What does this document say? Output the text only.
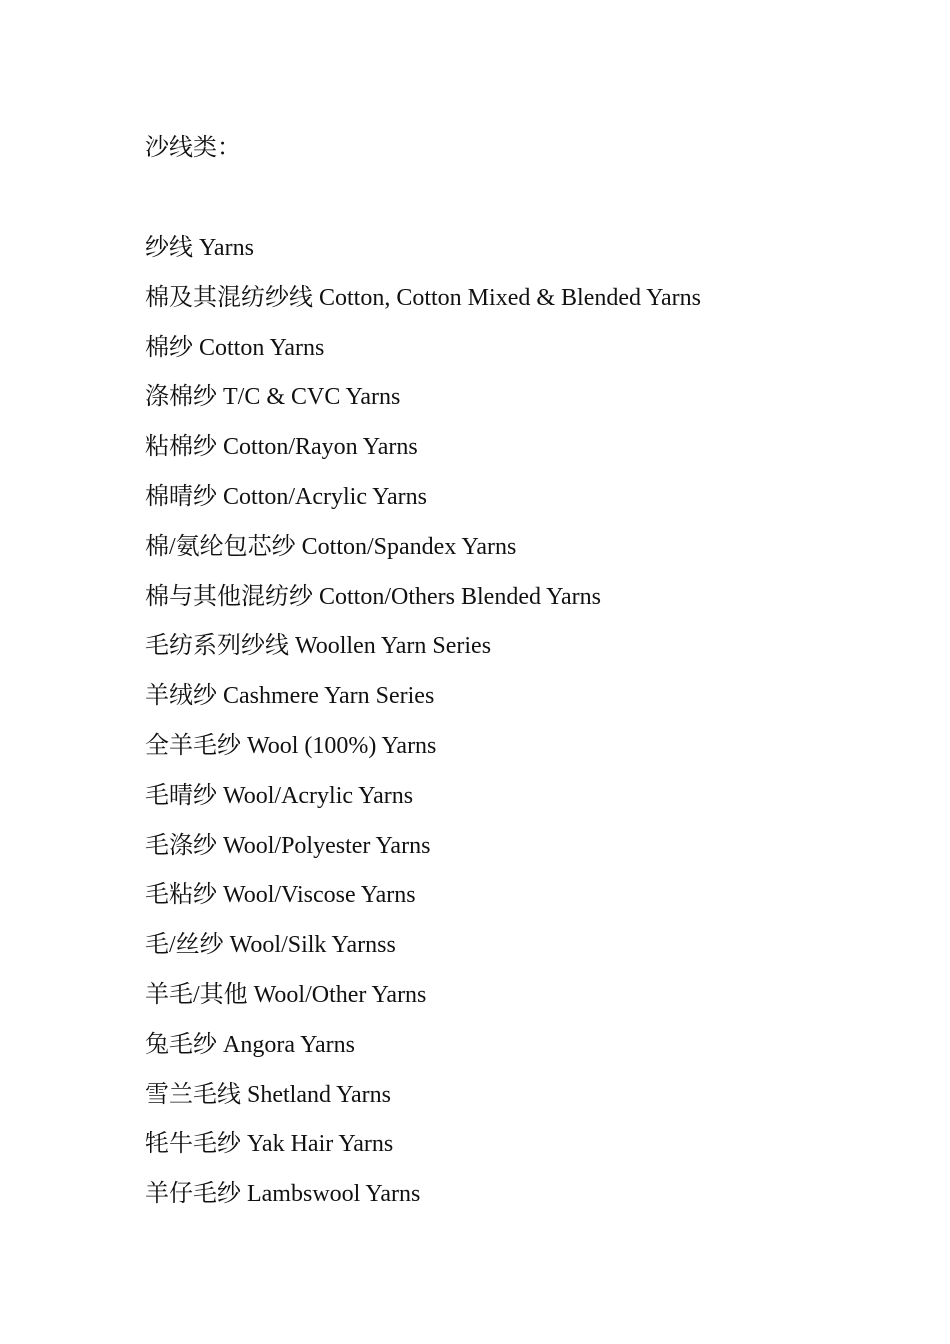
沙线类：
纱线 Yarns
棉及其混纺纱线 Cotton, Cotton Mixed & Blended Yarns
棉纱 Cotton Yarns
涤棉纱 T/C & CVC Yarns
粘棉纱 Cotton/Rayon Yarns
棉晴纱 Cotton/Acrylic Yarns
棉/氨纶包芯纱 Cotton/Spandex Yarns
棉与其他混纺纱 Cotton/Others Blended Yarns
毛纺系列纱线 Woollen Yarn Series
羊绒纱 Cashmere Yarn Series
全羊毛纱 Wool (100%) Yarns
毛晴纱 Wool/Acrylic Yarns
毛涤纱 Wool/Polyester Yarns
毛粘纱 Wool/Viscose Yarns
毛/丝纱 Wool/Silk Yarnss
羊毛/其他 Wool/Other Yarns
兔毛纱 Angora Yarns
雪兰毛线 Shetland Yarns
牦牛毛纱 Yak Hair Yarns
羊仔毛纱 Lambswool Yarns
